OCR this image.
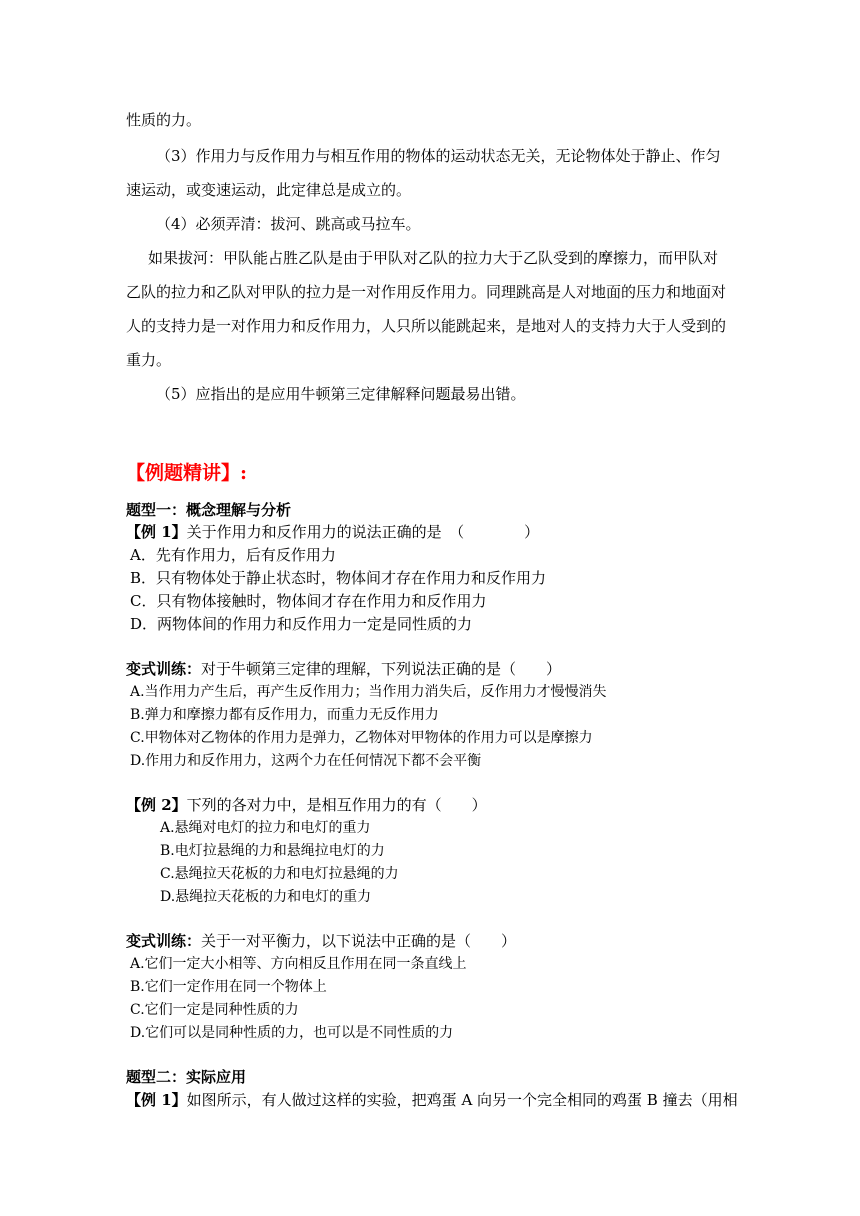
性质的力。
（3）作用力与反作用力与相互作用的物体的运动状态无关，无论物体处于静止、作匀
速运动，或变速运动，此定律总是成立的。
（4）必须弄清：拔河、跳高或马拉车。
如果拔河：甲队能占胜乙队是由于甲队对乙队的拉力大于乙队受到的摩擦力，而甲队对
乙队的拉力和乙队对甲队的拉力是一对作用反作用力。同理跳高是人对地面的压力和地面对
人的支持力是一对作用力和反作用力，人只所以能跳起来，是地对人的支持力大于人受到的
重力。
（5）应指出的是应用牛顿第三定律解释问题最易出错。
【例题精讲】:
题型一：概念理解与分析
【例 1】关于作用力和反作用力的说法正确的是　（　　　　）
A．先有作用力，后有反作用力
B．只有物体处于静止状态时，物体间才存在作用力和反作用力
C．只有物体接触时，物体间才存在作用力和反作用力
D．两物体间的作用力和反作用力一定是同性质的力
变式训练：对于牛顿第三定律的理解，下列说法正确的是（　　）
A.当作用力产生后，再产生反作用力；当作用力消失后，反作用力才慢慢消失
B.弹力和摩擦力都有反作用力，而重力无反作用力
C.甲物体对乙物体的作用力是弹力，乙物体对甲物体的作用力可以是摩擦力
D.作用力和反作用力，这两个力在任何情况下都不会平衡
【例 2】下列的各对力中，是相互作用力的有（　　）
A.悬绳对电灯的拉力和电灯的重力
B.电灯拉悬绳的力和悬绳拉电灯的力
C.悬绳拉天花板的力和电灯拉悬绳的力
D.悬绳拉天花板的力和电灯的重力
变式训练：关于一对平衡力，以下说法中正确的是（　　）
A.它们一定大小相等、方向相反且作用在同一条直线上
B.它们一定作用在同一个物体上
C.它们一定是同种性质的力
D.它们可以是同种性质的力，也可以是不同性质的力
题型二：实际应用
【例 1】如图所示，有人做过这样的实验，把鸡蛋 A 向另一个完全相同的鸡蛋 B 撞去（用相
